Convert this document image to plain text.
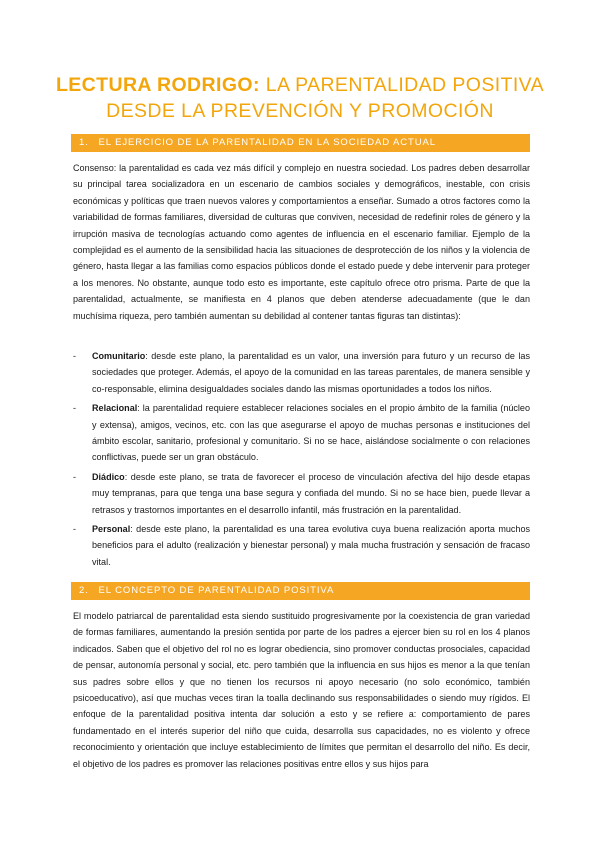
LECTURA RODRIGO: LA PARENTALIDAD POSITIVA DESDE LA PREVENCIÓN Y PROMOCIÓN
1. EL EJERCICIO DE LA PARENTALIDAD EN LA SOCIEDAD ACTUAL

Consenso: la parentalidad es cada vez más difícil y complejo en nuestra sociedad. Los padres deben desarrollar su principal tarea socializadora en un escenario de cambios sociales y demográficos, inestable, con crisis económicas y políticas que traen nuevos valores y comportamientos a enseñar. Sumado a otros factores como la variabilidad de formas familiares, diversidad de culturas que conviven, necesidad de redefinir roles de género y la irrupción masiva de tecnologías actuando como agentes de influencia en el escenario familiar. Ejemplo de la complejidad es el aumento de la sensibilidad hacia las situaciones de desprotección de los niños y la violencia de género, hasta llegar a las familias como espacios públicos donde el estado puede y debe intervenir para proteger a los menores. No obstante, aunque todo esto es importante, este capítulo ofrece otro prisma. Parte de que la parentalidad, actualmente, se manifiesta en 4 planos que deben atenderse adecuadamente (que le dan muchísima riqueza, pero también aumentan su debilidad al contener tantas figuras tan distintas):

- Comunitario: desde este plano, la parentalidad es un valor, una inversión para futuro y un recurso de las sociedades que proteger. Además, el apoyo de la comunidad en las tareas parentales, de manera sensible y co-responsable, elimina desigualdades sociales dando las mismas oportunidades a todos los niños.
- Relacional: la parentalidad requiere establecer relaciones sociales en el propio ámbito de la familia (núcleo y extensa), amigos, vecinos, etc. con las que asegurarse el apoyo de muchas personas e instituciones del ámbito escolar, sanitario, profesional y comunitario. Si no se hace, aislándose socialmente o con relaciones conflictivas, puede ser un gran obstáculo.
- Diádico: desde este plano, se trata de favorecer el proceso de vinculación afectiva del hijo desde etapas muy tempranas, para que tenga una base segura y confiada del mundo. Si no se hace bien, puede llevar a retrasos y trastornos importantes en el desarrollo infantil, más frustración en la parentalidad.
- Personal: desde este plano, la parentalidad es una tarea evolutiva cuya buena realización aporta muchos beneficios para el adulto (realización y bienestar personal) y mala mucha frustración y sensación de fracaso vital.
2. EL CONCEPTO DE PARENTALIDAD POSITIVA

El modelo patriarcal de parentalidad esta siendo sustituido progresivamente por la coexistencia de gran variedad de formas familiares, aumentando la presión sentida por parte de los padres a ejercer bien su rol en los 4 planos indicados. Saben que el objetivo del rol no es lograr obediencia, sino promover conductas prosociales, capacidad de pensar, autonomía personal y social, etc. pero también que la influencia en sus hijos es menor a la que tenían sus padres sobre ellos y que no tienen los recursos ni apoyo necesario (no solo económico, también psicoeducativo), así que muchas veces tiran la toalla declinando sus responsabilidades o siendo muy rígidos. El enfoque de la parentalidad positiva intenta dar solución a esto y se refiere a: comportamiento de pares fundamentado en el interés superior del niño que cuida, desarrolla sus capacidades, no es violento y ofrece reconocimiento y orientación que incluye establecimiento de límites que permitan el desarrollo del niño. Es decir, el objetivo de los padres es promover las relaciones positivas entre ellos y sus hijos para
